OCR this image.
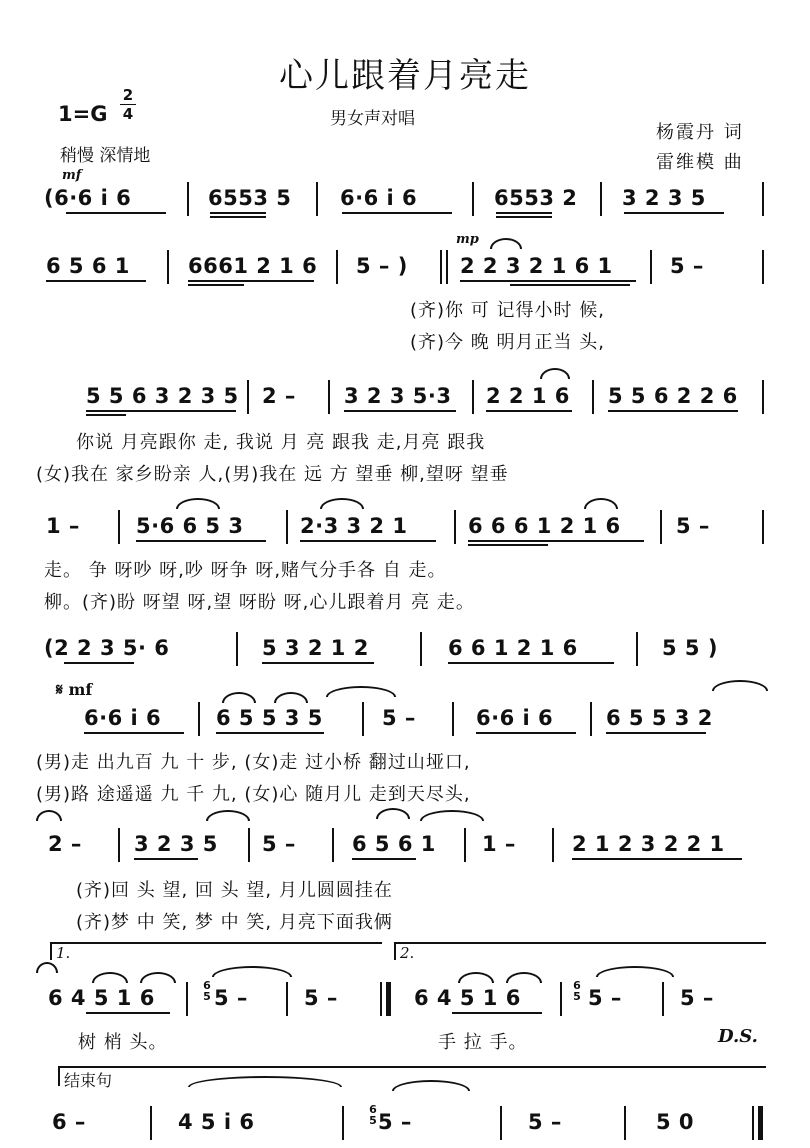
心儿跟着月亮走
1=G
2
4	男女声对唱
稍慢 深情地
杨霞丹 词
雷维模 曲
mf
(6·6 i 6	6553 5 6·6 i 6	6553 2 3 2 3 5
mp
6 5 6 1	6661 2 1 6 5 – ) 2 2 3 2 1 6 1	5 –
(齐)你 可 记得小时 候,
(齐)今 晚 明月正当 头,
5 5 6 3 2 3 5 2 – 3 2 3 5·3 2 2 1 6 5 5 6 2 2 6
你说 月亮跟你 走, 我说 月 亮 跟我 走,月亮 跟我
(女)我在 家乡盼亲 人,(男)我在 远 方 望垂 柳,望呀 望垂
1 –	5·6 6 5 3	2·3 3 2 1	6 6 6 1 2 1 6	5 –
走。 争 呀吵 呀,吵 呀争 呀,赌气分手各 自 走。
柳。(齐)盼 呀望 呀,望 呀盼 呀,心儿跟着月 亮 走。
(2 2 3 5· 6	5 3 2 1 2	6 6 1 2 1 6	5 5 )
𝄋 mf
6·6 i 6	6 5 5 3 5	5 –	6·6 i 6	6 5 5 3 2
(男)走 出九百 九 十 步, (女)走 过小桥 翻过山垭口,
(男)路 途遥遥 九 千 九, (女)心 随月儿 走到天尽头,
2 – 3 2 3 5 5 –	6 5 6 1 1 –	2 1 2 3 2 2 1
(齐)回 头 望, 回 头 望, 月儿圆圆挂在
(齐)梦 中 笑, 梦 中 笑, 月亮下面我俩
1.	2.
6
5
6
5
6 4 5 1 6	5 –	5 –	6 4 5 1 6	5 –	5 –
树 梢 头。	手 拉 手。	D.S.
结束句
6
5
6 –	4 5 i 6	5 –	5 –	5 0
